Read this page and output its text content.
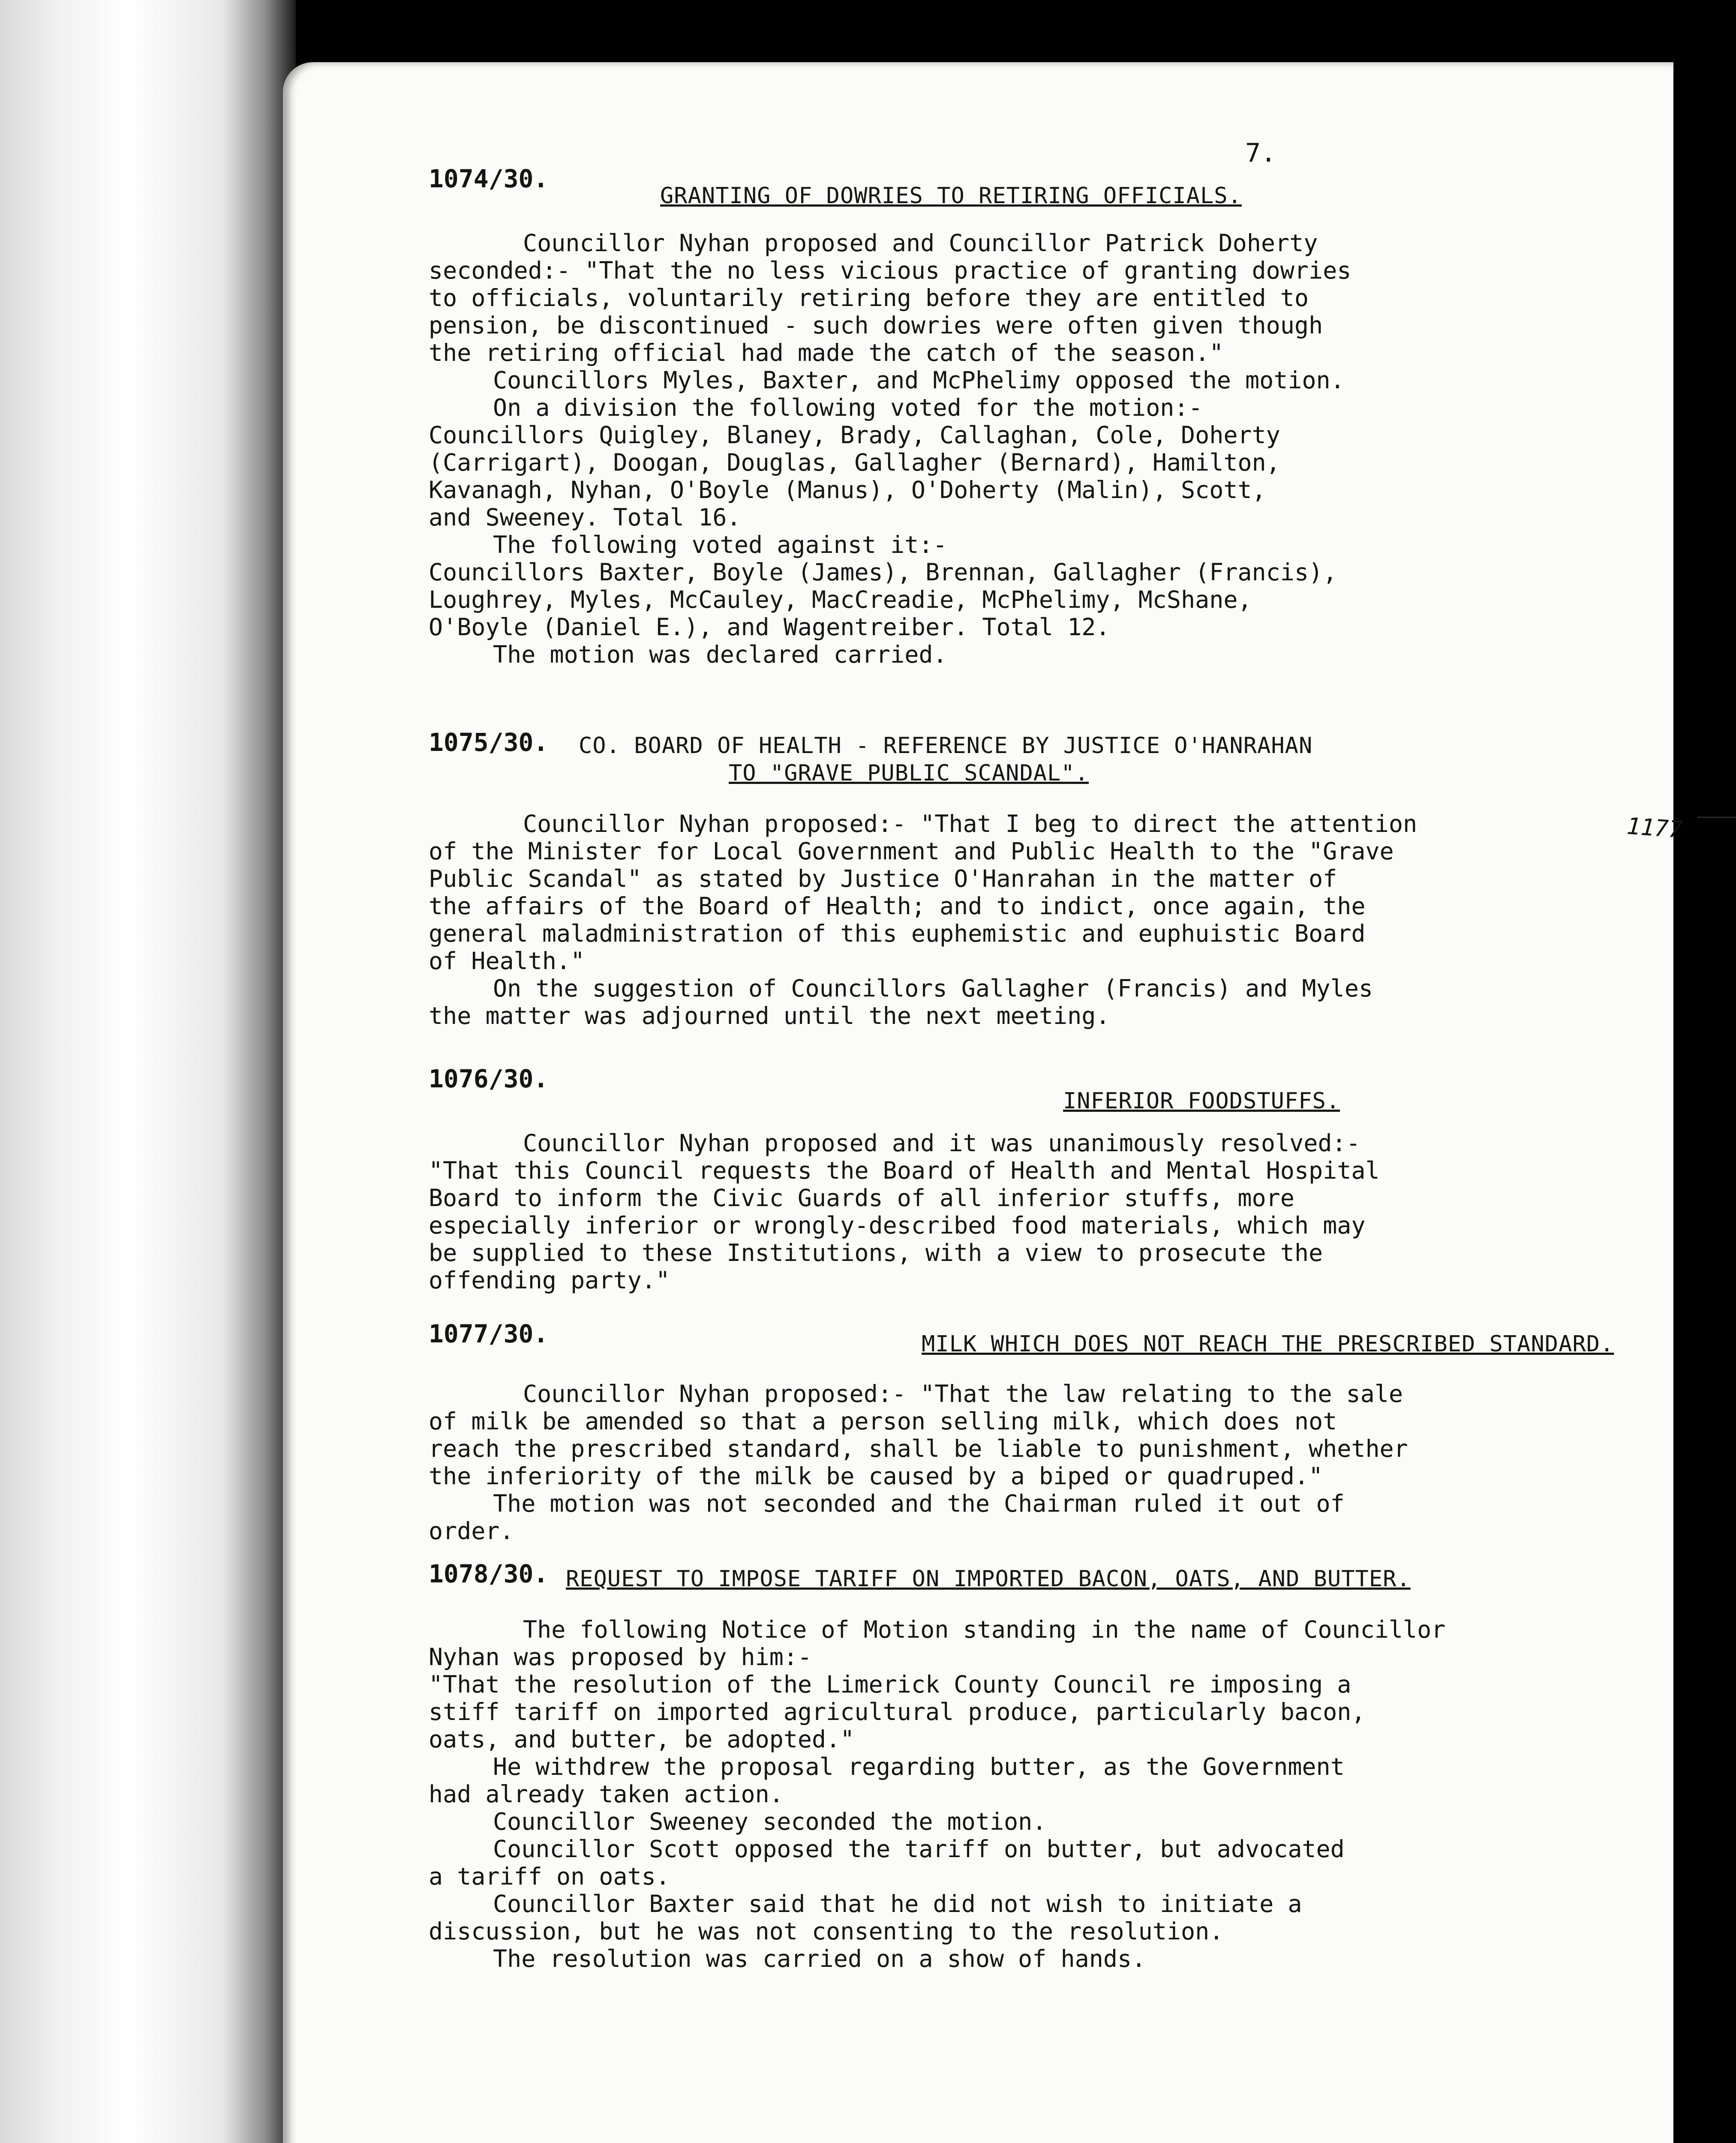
7.
1177
1074/30.
GRANTING OF DOWRIES TO RETIRING OFFICIALS.

Councillor Nyhan proposed and Councillor Patrick Doherty

seconded:- "That the no less vicious practice of granting dowries

to officials, voluntarily retiring before they are entitled to

pension, be discontinued - such dowries were often given though

the retiring official had made the catch of the season."

Councillors Myles, Baxter, and McPhelimy opposed the motion.

On a division the following voted for the motion:-

Councillors Quigley, Blaney, Brady, Callaghan, Cole, Doherty

(Carrigart), Doogan, Douglas, Gallagher (Bernard), Hamilton,

Kavanagh, Nyhan, O'Boyle (Manus), O'Doherty (Malin), Scott,

and Sweeney. Total 16.

The following voted against it:-

Councillors Baxter, Boyle (James), Brennan, Gallagher (Francis),

Loughrey, Myles, McCauley, MacCreadie, McPhelimy, McShane,

O'Boyle (Daniel E.), and Wagentreiber. Total 12.

The motion was declared carried.

1075/30. CO. BOARD OF HEALTH - REFERENCE BY JUSTICE O'HANRAHAN
TO "GRAVE PUBLIC SCANDAL".

Councillor Nyhan proposed:- "That I beg to direct the attention

of the Minister for Local Government and Public Health to the "Grave

Public Scandal" as stated by Justice O'Hanrahan in the matter of

the affairs of the Board of Health; and to indict, once again, the

general maladministration of this euphemistic and euphuistic Board

of Health."

On the suggestion of Councillors Gallagher (Francis) and Myles

the matter was adjourned until the next meeting.

1076/30.
INFERIOR FOODSTUFFS.

Councillor Nyhan proposed and it was unanimously resolved:-

"That this Council requests the Board of Health and Mental Hospital

Board to inform the Civic Guards of all inferior stuffs, more

especially inferior or wrongly-described food materials, which may

be supplied to these Institutions, with a view to prosecute the

offending party."

1077/30.	MILK WHICH DOES NOT REACH THE PRESCRIBED STANDARD.

Councillor Nyhan proposed:- "That the law relating to the sale

of milk be amended so that a person selling milk, which does not

reach the prescribed standard, shall be liable to punishment, whether

the inferiority of the milk be caused by a biped or quadruped."

The motion was not seconded and the Chairman ruled it out of

order.

1078/30. REQUEST TO IMPOSE TARIFF ON IMPORTED BACON, OATS, AND BUTTER.

The following Notice of Motion standing in the name of Councillor

Nyhan was proposed by him:-

"That the resolution of the Limerick County Council re imposing a

stiff tariff on imported agricultural produce, particularly bacon,

oats, and butter, be adopted."

He withdrew the proposal regarding butter, as the Government

had already taken action.

Councillor Sweeney seconded the motion.

Councillor Scott opposed the tariff on butter, but advocated

a tariff on oats.

Councillor Baxter said that he did not wish to initiate a

discussion, but he was not consenting to the resolution.

The resolution was carried on a show of hands.
